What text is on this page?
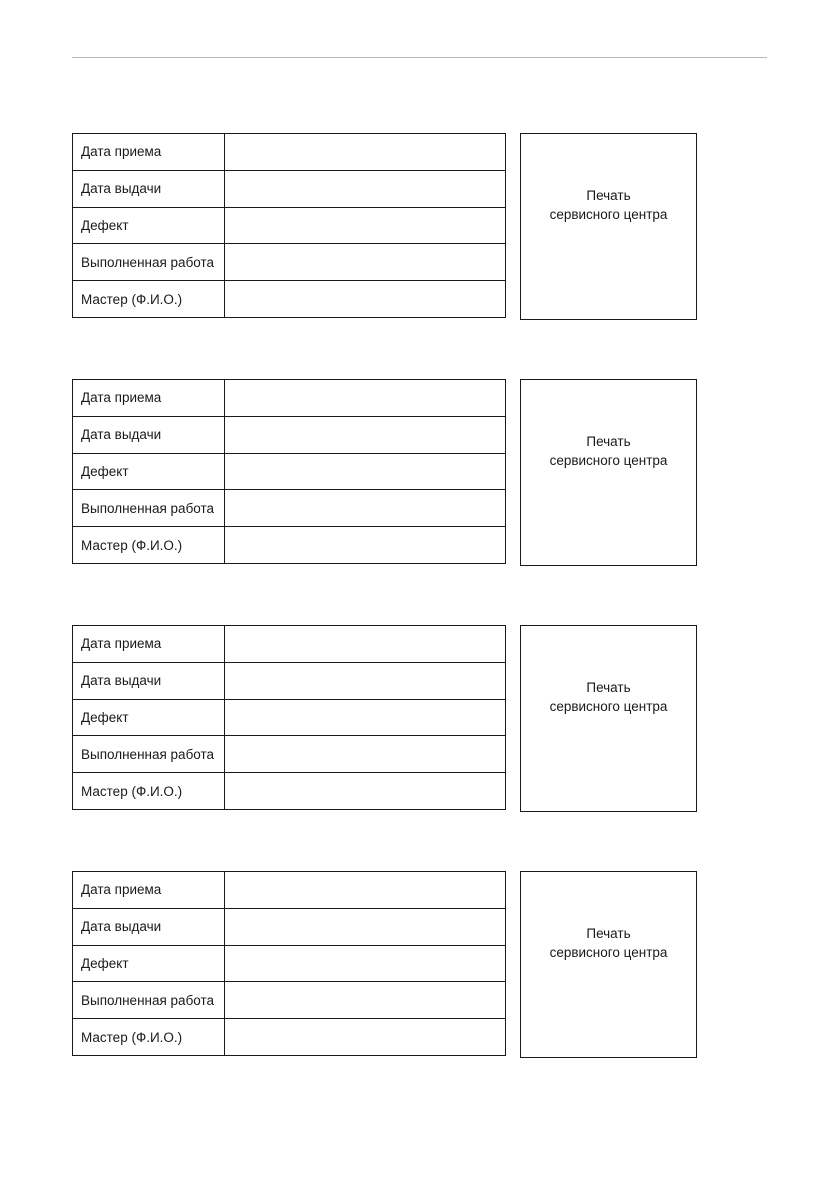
Дата приема	
Дата выдачи	
Дефект	
Выполненная работа	
Мастер (Ф.И.О.)	
Печать
сервисного центра
Дата приема	
Дата выдачи	
Дефект	
Выполненная работа	
Мастер (Ф.И.О.)	
Печать
сервисного центра
Дата приема	
Дата выдачи	
Дефект	
Выполненная работа	
Мастер (Ф.И.О.)	
Печать
сервисного центра
Дата приема	
Дата выдачи	
Дефект	
Выполненная работа	
Мастер (Ф.И.О.)	
Печать
сервисного центра
